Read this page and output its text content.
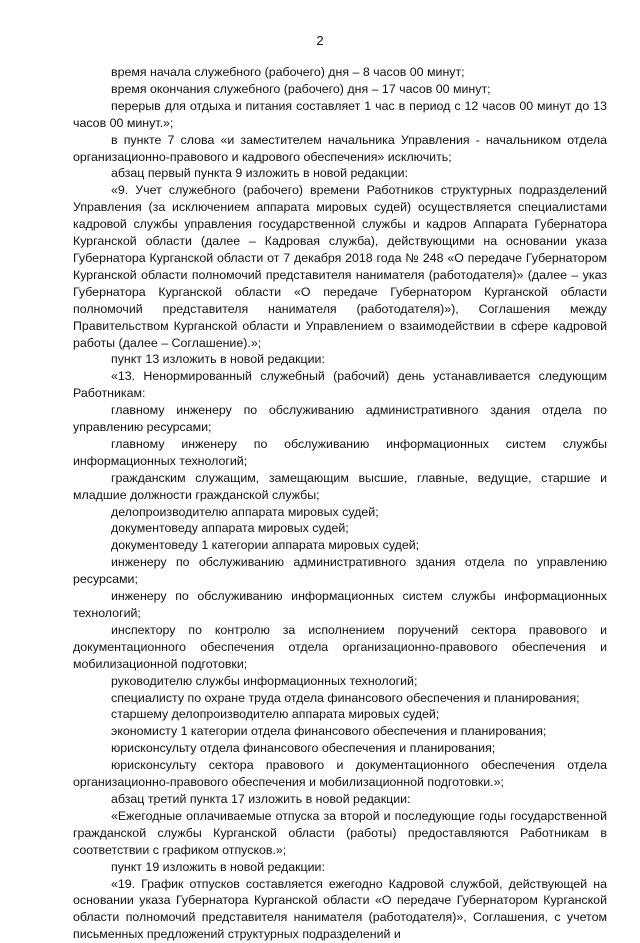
2

время начала служебного (рабочего) дня – 8 часов 00 минут;

время окончания служебного (рабочего) дня – 17 часов 00 минут;

перерыв для отдыха и питания составляет 1 час в период с 12 часов 00 минут до 13 часов 00 минут.»;

в пункте 7 слова «и заместителем начальника Управления - начальником отдела организационно-правового и кадрового обеспечения» исключить;

абзац первый пункта 9 изложить в новой редакции:

«9. Учет служебного (рабочего) времени Работников структурных подразделений Управления (за исключением аппарата мировых судей) осуществляется специалистами кадровой службы управления государственной службы и кадров Аппарата Губернатора Курганской области (далее – Кадровая служба), действующими на основании указа Губернатора Курганской области от 7 декабря 2018 года № 248 «О передаче Губернатором Курганской области полномочий представителя нанимателя (работодателя)» (далее – указ Губернатора Курганской области «О передаче Губернатором Курганской области полномочий представителя нанимателя (работодателя)»), Соглашения между Правительством Курганской области и Управлением о взаимодействии в сфере кадровой работы (далее – Соглашение).»;

пункт 13 изложить в новой редакции:

«13. Ненормированный служебный (рабочий) день устанавливается следующим Работникам:

главному инженеру по обслуживанию административного здания отдела по управлению ресурсами;

главному инженеру по обслуживанию информационных систем службы информационных технологий;

гражданским служащим, замещающим высшие, главные, ведущие, старшие и младшие должности гражданской службы;

делопроизводителю аппарата мировых судей;

документоведу аппарата мировых судей;

документоведу 1 категории аппарата мировых судей;

инженеру по обслуживанию административного здания отдела по управлению ресурсами;

инженеру по обслуживанию информационных систем службы информационных технологий;

инспектору по контролю за исполнением поручений сектора правового и документационного обеспечения отдела организационно-правового обеспечения и мобилизационной подготовки;

руководителю службы информационных технологий;

специалисту по охране труда отдела финансового обеспечения и планирования;

старшему делопроизводителю аппарата мировых судей;

экономисту 1 категории отдела финансового обеспечения и планирования;

юрисконсульту отдела финансового обеспечения и планирования;

юрисконсульту сектора правового и документационного обеспечения отдела организационно-правового обеспечения и мобилизационной подготовки.»;

абзац третий пункта 17 изложить в новой редакции:

«Ежегодные оплачиваемые отпуска за второй и последующие годы государственной гражданской службы Курганской области (работы) предоставляются Работникам в соответствии с графиком отпусков.»;

пункт 19 изложить в новой редакции:

«19. График отпусков составляется ежегодно Кадровой службой, действующей на основании указа Губернатора Курганской области «О передаче Губернатором Курганской области полномочий представителя нанимателя (работодателя)», Соглашения, с учетом письменных предложений структурных подразделений и
